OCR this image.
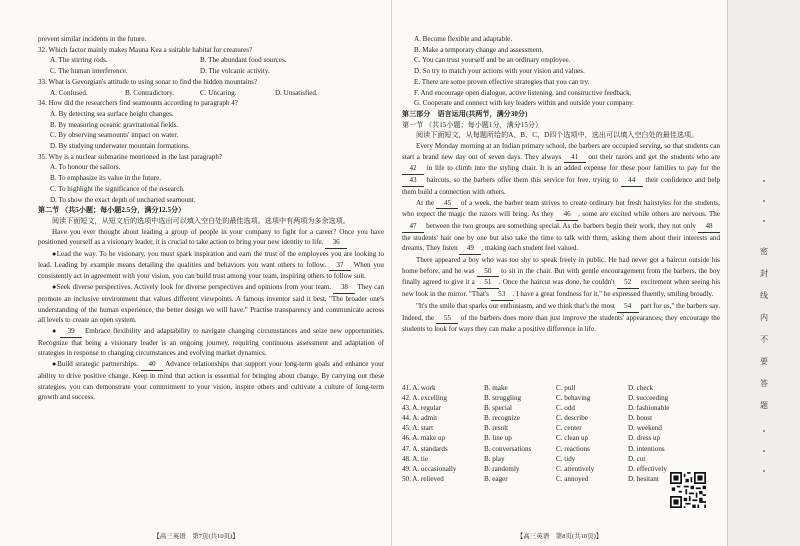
prevent similar incidents in the future.
32. Which factor mainly makes Mauna Kea a suitable habitat for creatures?
A. The stirring rods.	B. The abundant food sources.
C. The human interference.	D. The volcanic activity.
33. What is Gevorgian's attitude to using sonar to find the hidden mountains?
A. Confused.	B. Contradictory.	C. Uncaring.	D. Unsatisfied.
34. How did the researchers find seamounts according to paragraph 4?
A. By detecting sea surface height changes.
B. By measuring oceanic gravitational fields.
C. By observing seamounts' impact on water.
D. By studying underwater mountain formations.
35. Why is a nuclear submarine mentioned in the last paragraph?
A. To honour the sailors.
B. To emphasize its value in the future.
C. To highlight the significance of the research.
D. To show the exact depth of uncharted seamount.
第二节 （共5小题；每小题2.5分，满分12.5分）
阅读下面短文，从短文后的选项中选出可以填入空白处的最佳选项。选项中有两项为多余选项。
Have you ever thought about leading a group of people in your company to fight for a career? Once you have positioned yourself as a visionary leader, it is crucial to take action to bring your new identity to life. 36
●Lead the way. To be visionary, you must spark inspiration and earn the trust of the employees you are looking to lead. Leading by example means detailing the qualities and behaviors you want others to follow. 37 When you consistently act in agreement with your vision, you can build trust among your team, inspiring others to follow suit.
●Seek diverse perspectives. Actively look for diverse perspectives and opinions from your team. 38 They can promote an inclusive environment that values different viewpoints. A famous inventor said it best, "The broader one's understanding of the human experience, the better design we will have." Practise transparency and communicate across all levels to create an open system.
● 39 Embrace flexibility and adaptability to navigate changing circumstances and seize new opportunities. Recognize that being a visionary leader is an ongoing journey, requiring continuous assessment and adaptation of strategies in response to changing circumstances and evolving market dynamics.
●Build strategic partnerships. 40 Advance relationships that support your long-term goals and enhance your ability to drive positive change. Keep in mind that action is essential for bringing about change. By carrying out these strategies, you can demonstrate your commitment to your vision, inspire others and cultivate a culture of long-term growth and success.
【高三英语　第7页(共10页)】
A. Become flexible and adaptable.
B. Make a temporary change and assessment.
C. You can trust yourself and be an ordinary employee.
D. So try to match your actions with your vision and values.
E. There are some proven effective strategies that you can try.
F. And encourage open dialogue, active listening, and constructive feedback.
G. Cooperate and connect with key leaders within and outside your company.
第三部分　语言运用(共两节，满分30分)
第一节 （共15小题；每小题1分，满分15分）
阅读下面短文，从每题所给的A、B、C、D四个选项中，选出可以填入空白处的最佳选项。
Every Monday morning at an Indian primary school, the barbers are occupied serving, so that students can start a brand new day out of seven days. They always 41 out their razors and get the students who are 42 in life to climb into the styling chair. It is an added expense for these poor families to pay for the 43 haircuts, so the barbers offer them this service for free, trying to 44 their confidence and help them build a connection with others.
At the 45 of a week, the barber team strives to create ordinary but fresh hairstyles for the students, who expect the magic the razors will bring. As they 46 , some are excited while others are nervous. The 47 between the two groups are something special. As the barbers begin their work, they not only 48 the students' hair one by one but also take the time to talk with them, asking them about their interests and dreams. They listen 49 , making each student feel valued.
There appeared a boy who was too shy to speak freely in public. He had never got a haircut outside his home before, and he was 50 to sit in the chair. But with gentle encouragement from the barbers, the boy finally agreed to give it a 51 . Once the haircut was done, he couldn't 52 excitement when seeing his new look in the mirror. "That's 53 . I have a great fondness for it," he expressed fluently, smiling broadly.
"It's the smile that sparks our enthusiasm, and we think that's the most 54 part for us," the barbers say. Indeed, the 55 of the barbers does more than just improve the students' appearances; they encourage the students to look for ways they can make a positive difference in life.
41. A. work	B. make	C. pull	D. check
42. A. excelling	B. struggling	C. behaving	D. succeeding
43. A. regular	B. special	C. odd	D. fashionable
44. A. admit	B. recognize	C. describe	D. boost
45. A. start	B. result	C. center	D. weekend
46. A. make up	B. line up	C. clean up	D. dress up
47. A. standards	B. conversations	C. reactions	D. intentions
48. A. tie	B. play	C. tidy	D. cut
49. A. occasionally	B. randomly	C. attentively	D. effectively
50. A. relieved	B. eager	C. annoyed	D. hesitant
【高三英语　第8页(共10页)】
密
封
线
内
不
要
答
题
